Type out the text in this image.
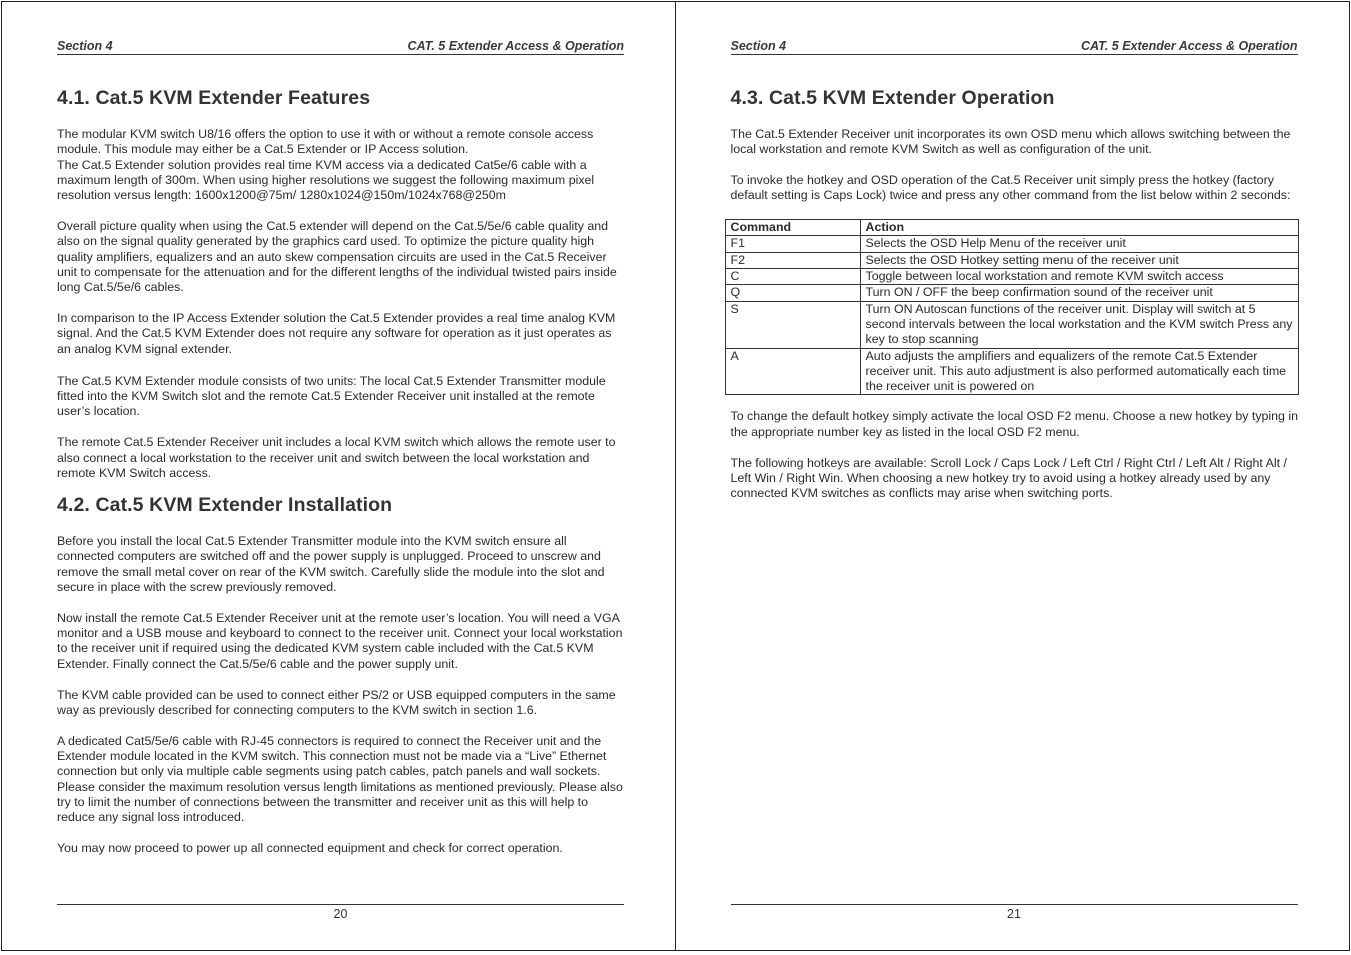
Section 4	CAT. 5 Extender Access & Operation
4.1. Cat.5 KVM Extender Features

The modular KVM switch U8/16 offers the option to use it with or without a remote console access module. This module may either be a Cat.5 Extender or IP Access solution.

The Cat.5 Extender solution provides real time KVM access via a dedicated Cat5e/6 cable with a maximum length of 300m. When using higher resolutions we suggest the following maximum pixel resolution versus length: 1600x1200@75m/ 1280x1024@150m/1024x768@250m

Overall picture quality when using the Cat.5 extender will depend on the Cat.5/5e/6 cable quality and also on the signal quality generated by the graphics card used. To optimize the picture quality high quality amplifiers, equalizers and an auto skew compensation circuits are used in the Cat.5 Receiver unit to compensate for the attenuation and for the different lengths of the individual twisted pairs inside long Cat.5/5e/6 cables.

In comparison to the IP Access Extender solution the Cat.5 Extender provides a real time analog KVM signal. And the Cat.5 KVM Extender does not require any software for operation as it just operates as an analog KVM signal extender.

The Cat.5 KVM Extender module consists of two units: The local Cat.5 Extender Transmitter module fitted into the KVM Switch slot and the remote Cat.5 Extender Receiver unit installed at the remote user’s location.

The remote Cat.5 Extender Receiver unit includes a local KVM switch which allows the remote user to also connect a local workstation to the receiver unit and switch between the local workstation and remote KVM Switch access.

4.2. Cat.5 KVM Extender Installation

Before you install the local Cat.5 Extender Transmitter module into the KVM switch ensure all connected computers are switched off and the power supply is unplugged. Proceed to unscrew and remove the small metal cover on rear of the KVM switch. Carefully slide the module into the slot and secure in place with the screw previously removed.

Now install the remote Cat.5 Extender Receiver unit at the remote user’s location. You will need a VGA monitor and a USB mouse and keyboard to connect to the receiver unit. Connect your local workstation to the receiver unit if required using the dedicated KVM system cable included with the Cat.5 KVM Extender. Finally connect the Cat.5/5e/6 cable and the power supply unit.

The KVM cable provided can be used to connect either PS/2 or USB equipped computers in the same way as previously described for connecting computers to the KVM switch in section 1.6.

A dedicated Cat5/5e/6 cable with RJ-45 connectors is required to connect the Receiver unit and the Extender module located in the KVM switch. This connection must not be made via a “Live” Ethernet connection but only via multiple cable segments using patch cables, patch panels and wall sockets. Please consider the maximum resolution versus length limitations as mentioned previously. Please also try to limit the number of connections between the transmitter and receiver unit as this will help to reduce any signal loss introduced.

You may now proceed to power up all connected equipment and check for correct operation.

20
Section 4	CAT. 5 Extender Access & Operation
4.3. Cat.5 KVM Extender Operation

The Cat.5 Extender Receiver unit incorporates its own OSD menu which allows switching between the local workstation and remote KVM Switch as well as configuration of the unit.

To invoke the hotkey and OSD operation of the Cat.5 Receiver unit simply press the hotkey (factory default setting is Caps Lock) twice and press any other command from the list below within 2 seconds:

Command	Action
F1	Selects the OSD Help Menu of the receiver unit
F2	Selects the OSD Hotkey setting menu of the receiver unit
C	Toggle between local workstation and remote KVM switch access
Q	Turn ON / OFF the beep confirmation sound of the receiver unit
S	Turn ON Autoscan functions of the receiver unit. Display will switch at 5 second intervals between the local workstation and the KVM switch Press any key to stop scanning
A	Auto adjusts the amplifiers and equalizers of the remote Cat.5 Extender receiver unit. This auto adjustment is also performed automatically each time the receiver unit is powered on

To change the default hotkey simply activate the local OSD F2 menu. Choose a new hotkey by typing in the appropriate number key as listed in the local OSD F2 menu.

The following hotkeys are available: Scroll Lock / Caps Lock / Left Ctrl / Right Ctrl / Left Alt / Right Alt / Left Win / Right Win. When choosing a new hotkey try to avoid using a hotkey already used by any connected KVM switches as conflicts may arise when switching ports.

21
